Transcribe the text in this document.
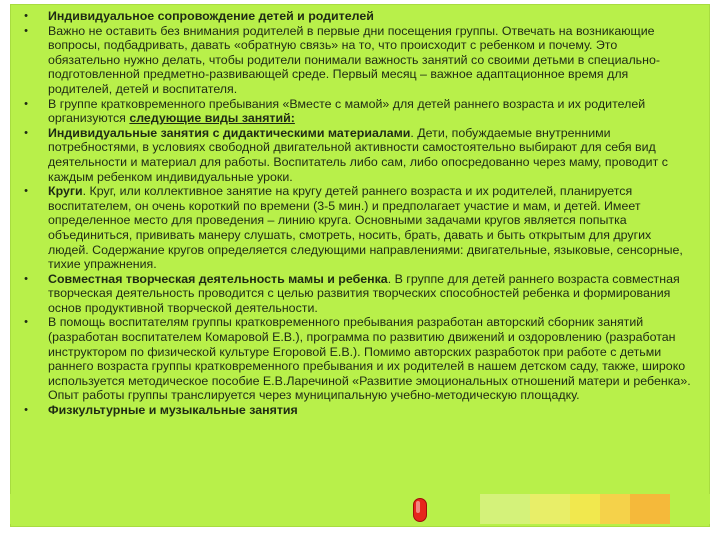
•	Индивидуальное сопровождение детей и родителей
•	Важно не оставить без внимания родителей в первые дни посещения группы. Отвечать на возникающие вопросы, подбадривать, давать «обратную связь» на то, что происходит с ребенком и почему. Это обязательно нужно делать, чтобы родители понимали важность занятий со своими детьми в специально-подготовленной предметно-развивающей среде. Первый месяц – важное адаптационное время для родителей, детей и воспитателя.
•	В группе кратковременного пребывания «Вместе с мамой» для детей раннего возраста и их родителей организуются следующие виды занятий:
•	Индивидуальные занятия с дидактическими материалами. Дети, побуждаемые внутренними потребностями, в условиях свободной двигательной активности самостоятельно выбирают для себя вид деятельности и материал для работы. Воспитатель либо сам, либо опосредованно через маму, проводит с каждым ребенком индивидуальные уроки.
•	Круги. Круг, или коллективное занятие на кругу детей раннего возраста и их родителей, планируется воспитателем, он очень короткий по времени (3-5 мин.) и предполагает участие и мам, и детей. Имеет определенное место для проведения – линию круга. Основными задачами кругов является попытка объединиться, прививать манеру слушать, смотреть, носить, брать, давать и быть открытым для других людей. Содержание кругов определяется следующими направлениями: двигательные, языковые, сенсорные, тихие упражнения.
•	Совместная творческая деятельность мамы и ребенка. В группе для детей раннего возраста совместная творческая деятельность проводится с целью развития творческих способностей ребенка и формирования основ продуктивной творческой деятельности.
•	В помощь воспитателям группы кратковременного пребывания разработан авторский сборник занятий (разработан воспитателем Комаровой Е.В.), программа по развитию движений и оздоровлению (разработан инструктором по физической культуре Егоровой Е.В.). Помимо авторских разработок при работе с детьми раннего возраста группы кратковременного пребывания и их родителей в нашем детском саду, также, широко используется методическое пособие Е.В.Ларечиной «Развитие эмоциональных отношений матери и ребенка». Опыт работы группы транслируется через муниципальную учебно-методическую площадку.
•	Физкультурные и музыкальные занятия
